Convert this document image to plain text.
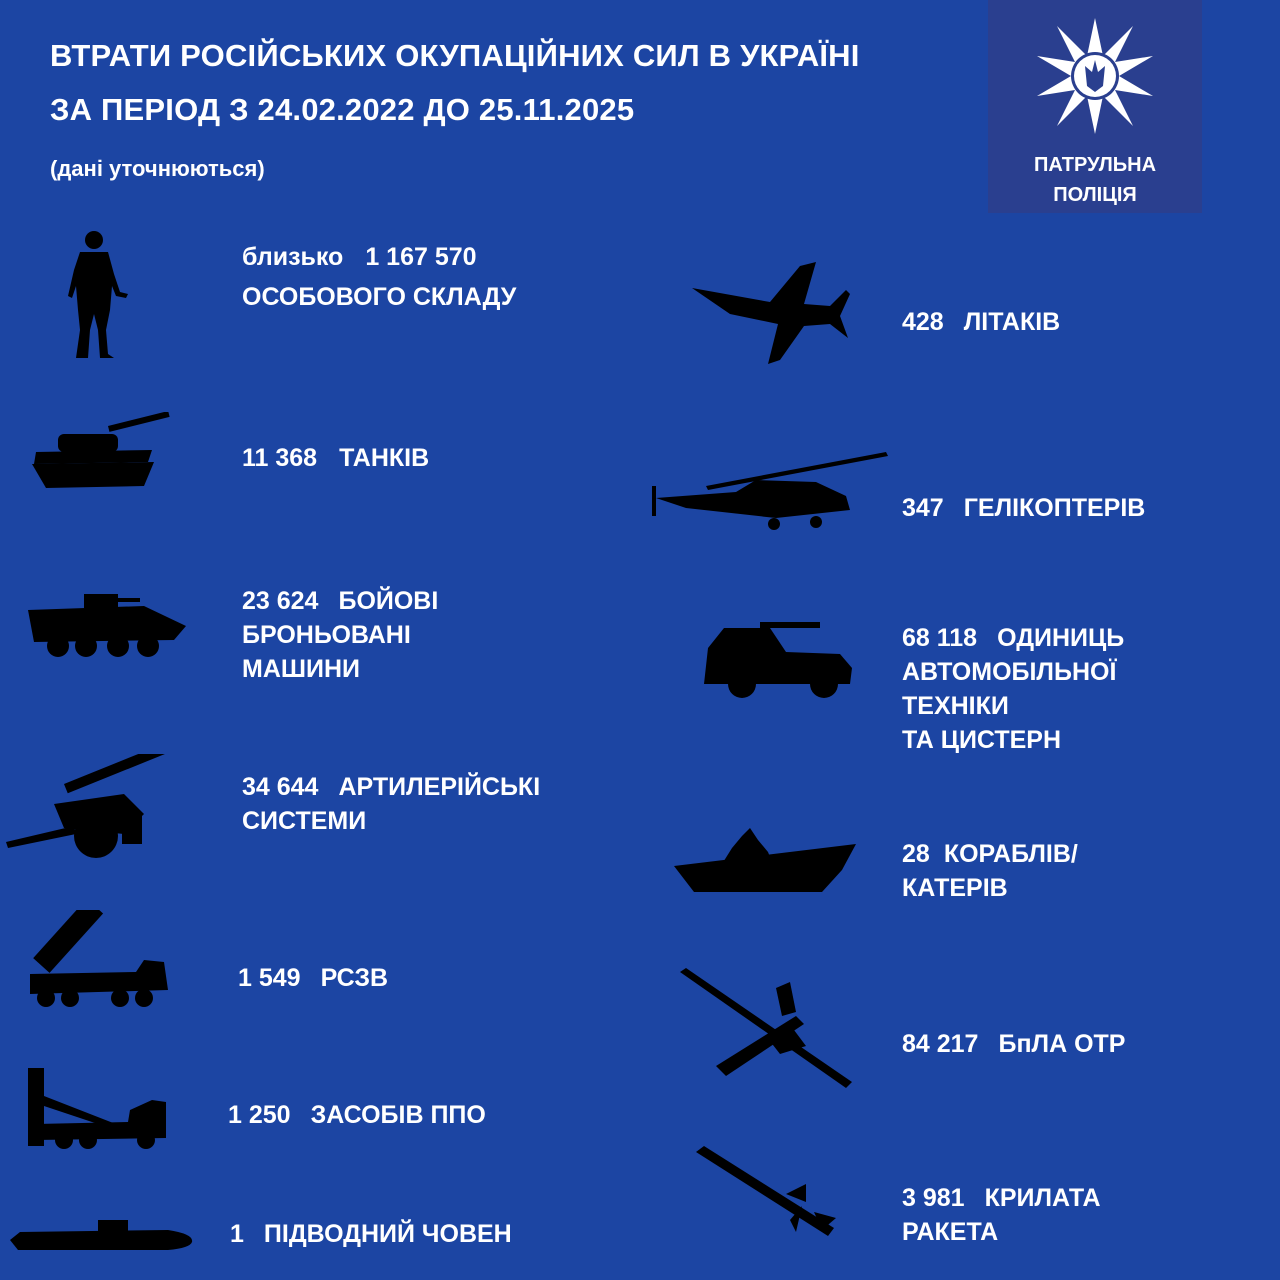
ВТРАТИ РОСІЙСЬКИХ ОКУПАЦІЙНИХ СИЛ В УКРАЇНІ
ЗА ПЕРІОД З 24.02.2022 ДО 25.11.2025
(дані уточнюються)	ПАТРУЛЬНА
ПОЛІЦІЯ
близько 1 167 570
ОСОБОВОГО СКЛАДУ
11 368 ТАНКІВ
23 624 БОЙОВІ
БРОНЬОВАНІ
МАШИНИ
34 644 АРТИЛЕРІЙСЬКІ
СИСТЕМИ
1 549 РСЗВ
1 250 ЗАСОБІВ ППО
1 ПІДВОДНИЙ ЧОВЕН
428 ЛІТАКІВ
347 ГЕЛІКОПТЕРІВ
68 118 ОДИНИЦЬ
АВТОМОБІЛЬНОЇ
ТЕХНІКИ
ТА ЦИСТЕРН
28 КОРАБЛІВ/
КАТЕРІВ
84 217 БпЛА ОТР
3 981 КРИЛАТА
РАКЕТА
